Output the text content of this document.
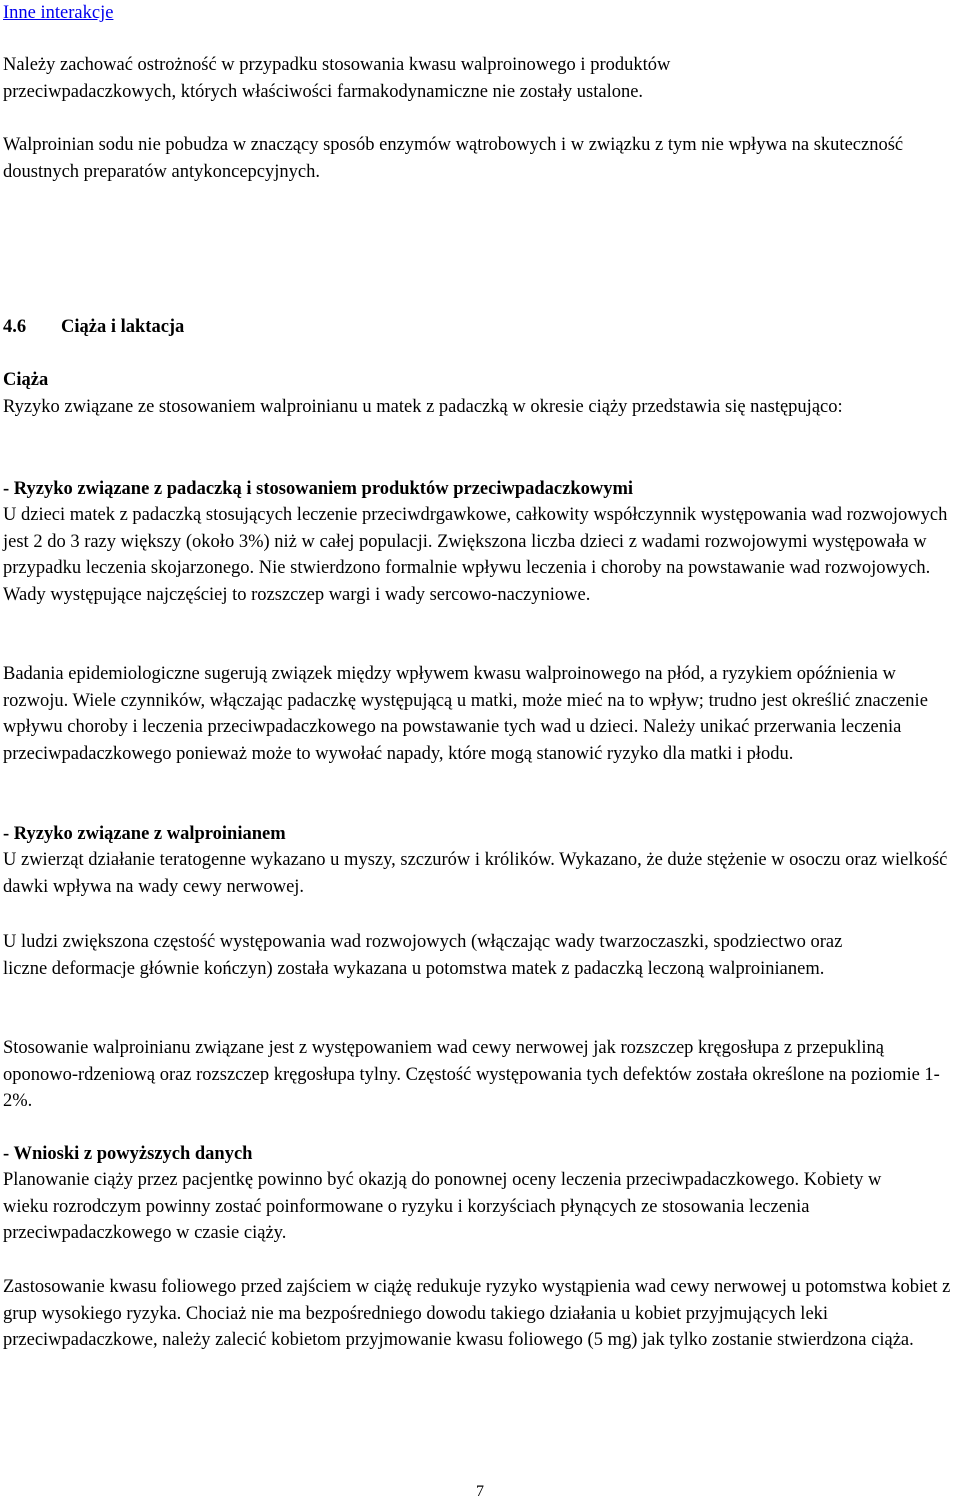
Inne interakcje

Należy zachować ostrożność w przypadku stosowania kwasu walproinowego i produktów przeciwpadaczkowych, których właściwości farmakodynamiczne nie zostały ustalone.

Walproinian sodu nie pobudza w znaczący sposób enzymów wątrobowych i w związku z tym nie wpływa na skuteczność doustnych preparatów antykoncepcyjnych.

4.6 Ciąża i laktacja

Ciąża

Ryzyko związane ze stosowaniem walproinianu u matek z padaczką w okresie ciąży przedstawia się następująco:

- Ryzyko związane z padaczką i stosowaniem produktów przeciwpadaczkowymi

U dzieci matek z padaczką stosujących leczenie przeciwdrgawkowe, całkowity współczynnik występowania wad rozwojowych jest 2 do 3 razy większy (około 3%) niż w całej populacji. Zwiększona liczba dzieci z wadami rozwojowymi występowała w przypadku leczenia skojarzonego. Nie stwierdzono formalnie wpływu leczenia i choroby na powstawanie wad rozwojowych. Wady występujące najczęściej to rozszczep wargi i wady sercowo-naczyniowe.

Badania epidemiologiczne sugerują związek między wpływem kwasu walproinowego na płód, a ryzykiem opóźnienia w rozwoju. Wiele czynników, włączając padaczkę występującą u matki, może mieć na to wpływ; trudno jest określić znaczenie wpływu choroby i leczenia przeciwpadaczkowego na powstawanie tych wad u dzieci. Należy unikać przerwania leczenia przeciwpadaczkowego ponieważ może to wywołać napady, które mogą stanowić ryzyko dla matki i płodu.

- Ryzyko związane z walproinianem

U zwierząt działanie teratogenne wykazano u myszy, szczurów i królików. Wykazano, że duże stężenie w osoczu oraz wielkość dawki wpływa na wady cewy nerwowej.

U ludzi zwiększona częstość występowania wad rozwojowych (włączając wady twarzoczaszki, spodziectwo oraz liczne deformacje głównie kończyn) została wykazana u potomstwa matek z padaczką leczoną walproinianem.

Stosowanie walproinianu związane jest z występowaniem wad cewy nerwowej jak rozszczep kręgosłupa z przepukliną oponowo-rdzeniową oraz rozszczep kręgosłupa tylny. Częstość występowania tych defektów została określone na poziomie 1-2%.

- Wnioski z powyższych danych

Planowanie ciąży przez pacjentkę powinno być okazją do ponownej oceny leczenia przeciwpadaczkowego. Kobiety w wieku rozrodczym powinny zostać poinformowane o ryzyku i korzyściach płynących ze stosowania leczenia przeciwpadaczkowego w czasie ciąży.

Zastosowanie kwasu foliowego przed zajściem w ciążę redukuje ryzyko wystąpienia wad cewy nerwowej u potomstwa kobiet z grup wysokiego ryzyka. Chociaż nie ma bezpośredniego dowodu takiego działania u kobiet przyjmujących leki przeciwpadaczkowe, należy zalecić kobietom przyjmowanie kwasu foliowego (5 mg) jak tylko zostanie stwierdzona ciąża.

7
